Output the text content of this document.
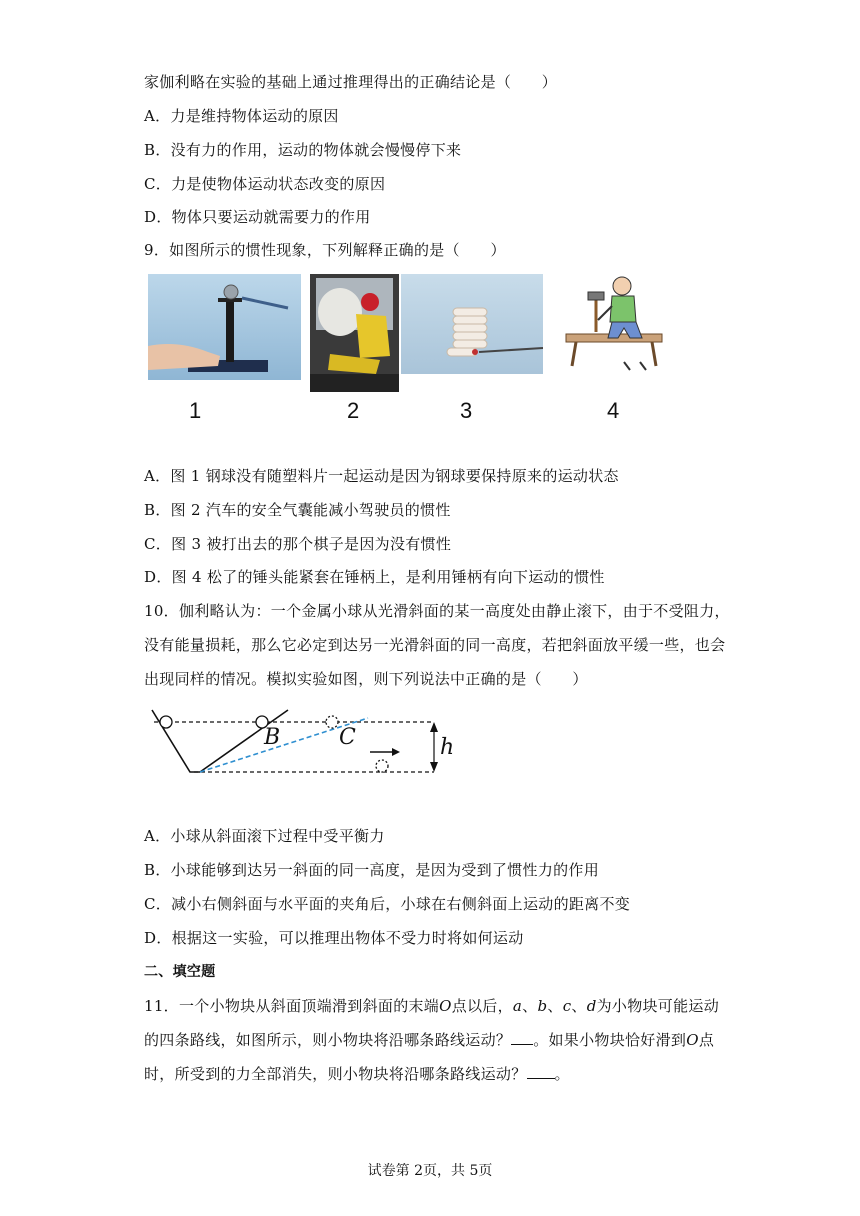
家伽利略在实验的基础上通过推理得出的正确结论是（　　）
A．力是维持物体运动的原因
B．没有力的作用，运动的物体就会慢慢停下来
C．力是使物体运动状态改变的原因
D．物体只要运动就需要力的作用
9．如图所示的惯性现象，下列解释正确的是（　　）
1	2	3	4
A．图 1 钢球没有随塑料片一起运动是因为钢球要保持原来的运动状态
B．图 2 汽车的安全气囊能减小驾驶员的惯性
C．图 3 被打出去的那个棋子是因为没有惯性
D．图 4 松了的锤头能紧套在锤柄上，是利用锤柄有向下运动的惯性
10．伽利略认为：一个金属小球从光滑斜面的某一高度处由静止滚下，由于不受阻力，
没有能量损耗，那么它必定到达另一光滑斜面的同一高度，若把斜面放平缓一些，也会
出现同样的情况。模拟实验如图，则下列说法中正确的是（　　）
B	C	h
A．小球从斜面滚下过程中受平衡力
B．小球能够到达另一斜面的同一高度，是因为受到了惯性力的作用
C．减小右侧斜面与水平面的夹角后，小球在右侧斜面上运动的距离不变
D．根据这一实验，可以推理出物体不受力时将如何运动
二、填空题
11．一个小物块从斜面顶端滑到斜面的末端O点以后，a、b、c、d为小物块可能运动
的四条路线，如图所示，则小物块将沿哪条路线运动？ 。如果小物块恰好滑到O点
时，所受到的力全部消失，则小物块将沿哪条路线运动？ 。
试卷第 2页，共 5页
